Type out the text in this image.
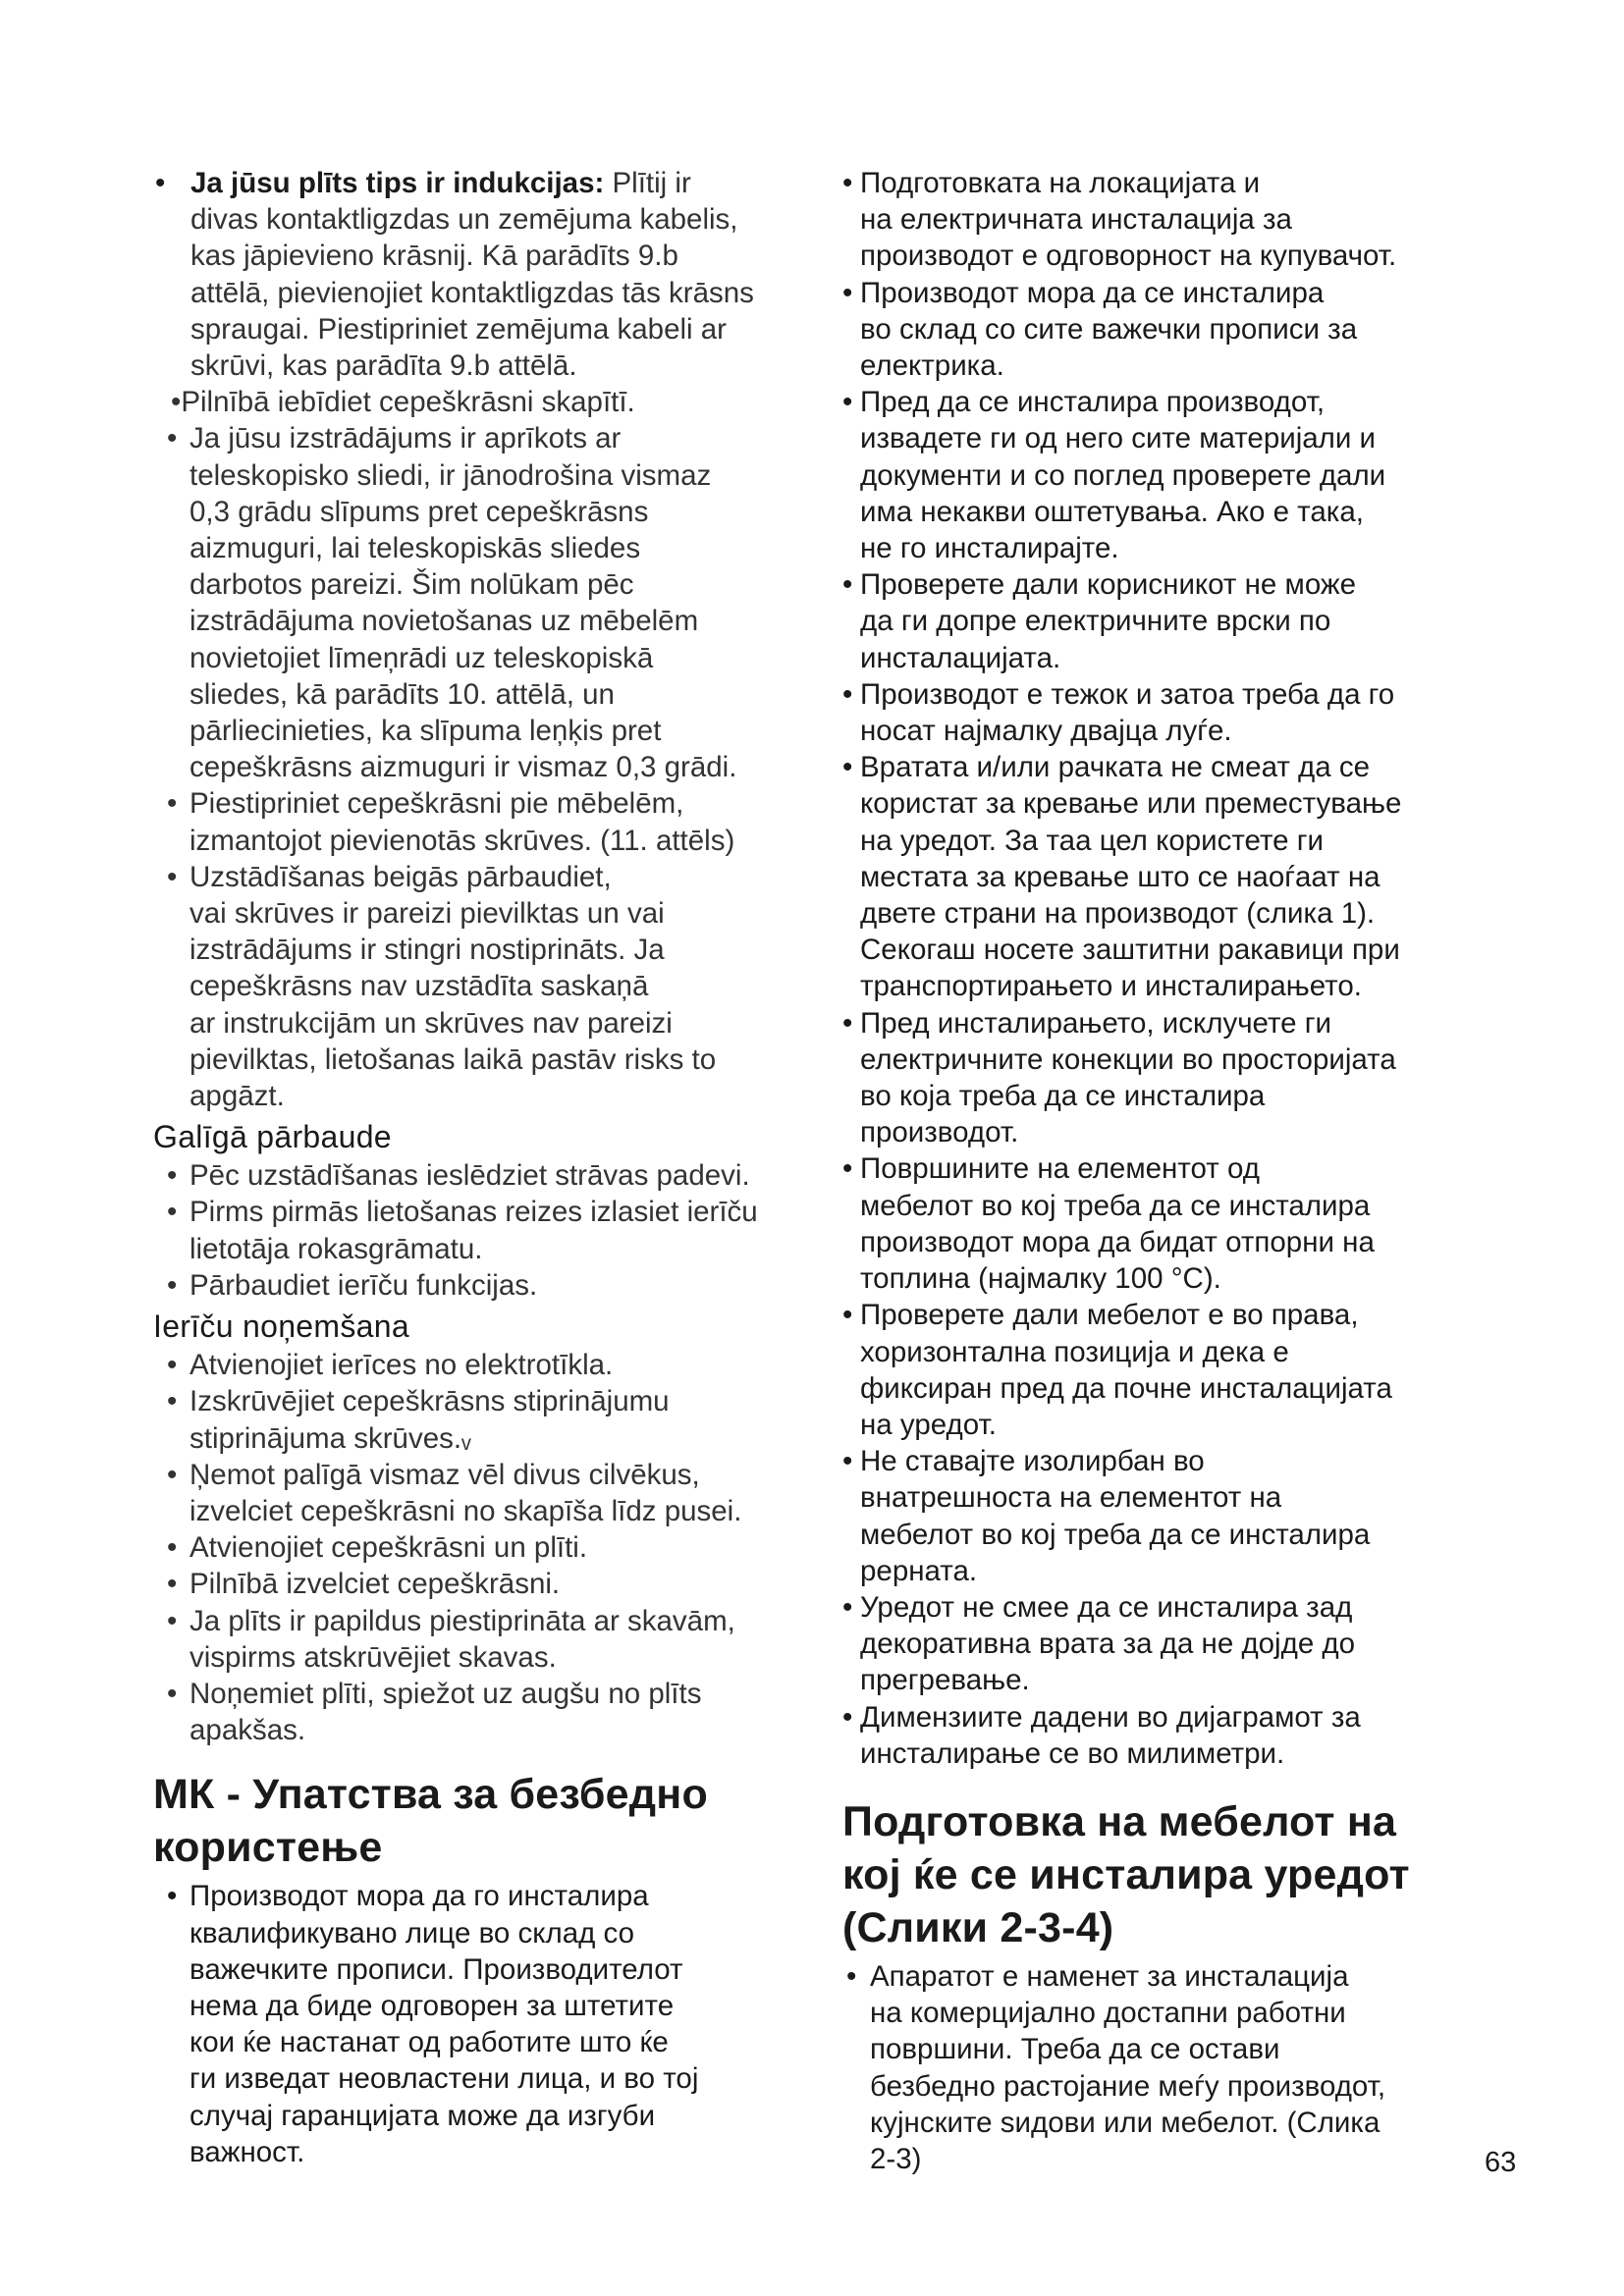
• Ja jūsu plīts tips ir indukcijas: Plītij ir
divas kontaktligzdas un zemējuma kabelis,
kas jāpievieno krāsnij. Kā parādīts 9.b
attēlā, pievienojiet kontaktligzdas tās krāsns
spraugai. Piestipriniet zemējuma kabeli ar
skrūvi, kas parādīta 9.b attēlā.
•Pilnībā iebīdiet cepeškrāsni skapītī.
• Ja jūsu izstrādājums ir aprīkots ar
teleskopisko sliedi, ir jānodrošina vismaz
0,3 grādu slīpums pret cepeškrāsns
aizmuguri, lai teleskopiskās sliedes
darbotos pareizi. Šim nolūkam pēc
izstrādājuma novietošanas uz mēbelēm
novietojiet līmeņrādi uz teleskopiskā
sliedes, kā parādīts 10. attēlā, un
pārliecinieties, ka slīpuma leņķis pret
cepeškrāsns aizmuguri ir vismaz 0,3 grādi.
• Piestipriniet cepeškrāsni pie mēbelēm,
izmantojot pievienotās skrūves. (11. attēls)
• Uzstādīšanas beigās pārbaudiet,
vai skrūves ir pareizi pievilktas un vai
izstrādājums ir stingri nostiprināts. Ja
cepeškrāsns nav uzstādīta saskaņā
ar instrukcijām un skrūves nav pareizi
pievilktas, lietošanas laikā pastāv risks to
apgāzt.
Galīgā pārbaude
• Pēc uzstādīšanas ieslēdziet strāvas padevi.
• Pirms pirmās lietošanas reizes izlasiet ierīču
lietotāja rokasgrāmatu.
• Pārbaudiet ierīču funkcijas.
Ierīču noņemšana
• Atvienojiet ierīces no elektrotīkla.
• Izskrūvējiet cepeškrāsns stiprinājumu
stiprinājuma skrūves.ᵥ
• Ņemot palīgā vismaz vēl divus cilvēkus,
izvelciet cepeškrāsni no skapīša līdz pusei.
• Atvienojiet cepeškrāsni un plīti.
• Pilnībā izvelciet cepeškrāsni.
• Ja plīts ir papildus piestiprināta ar skavām,
vispirms atskrūvējiet skavas.
• Noņemiet plīti, spiežot uz augšu no plīts
apakšas.
МК - Упатства за безбедно
користење
• Производот мора да го инсталира
квалификувано лице во склад со
важечките прописи. Производителот
нема да биде одговорен за штетите
кои ќе настанат од работите што ќе
ги изведат неовластени лица, и во тој
случај гаранцијата може да изгуби
важност.
• Подготовката на локацијата и
на електричната инсталација за
производот е одговорност на купувачот.
• Производот мора да се инсталира
во склад со сите важечки прописи за
електрика.
• Пред да се инсталира производот,
извадете ги од него сите материјали и
документи и со поглед проверете дали
има некакви оштетувања. Ако е така,
не го инсталирајте.
• Проверете дали корисникот не може
да ги допре електричните врски по
инсталацијата.
• Производот е тежок и затоа треба да го
носат најмалку двајца луѓе.
• Вратата и/или рачката не смеат да се
користат за кревање или преместување
на уредот. За таа цел користете ги
местата за кревање што се наоѓаат на
двете страни на производот (слика 1).
Секогаш носете заштитни ракавици при
транспортирањето и инсталирањето.
• Пред инсталирањето, исклучете ги
електричните конекции во просторијата
во која треба да се инсталира
производот.
• Површините на елементот од
мебелот во кој треба да се инсталира
производот мора да бидат отпорни на
топлина (најмалку 100 °C).
• Проверете дали мебелот е во права,
хоризонтална позиција и дека е
фиксиран пред да почне инсталацијата
на уредот.
• Не ставајте изолирбан во
внатрешноста на елементот на
мебелот во кој треба да се инсталира
рерната.
• Уредот не смее да се инсталира зад
декоративна врата за да не дојде до
прегревање.
• Димензиите дадени во дијаграмот за
инсталирање се во милиметри.
Подготовка на мебелот на
кој ќе се инсталира уредот
(Слики 2-3-4)
• Апаратот е наменет за инсталација
на комерцијално достапни работни
површини. Треба да се остави
безбедно растојание меѓу производот,
кујнските ѕидови или мебелот. (Слика
2-3)	63
